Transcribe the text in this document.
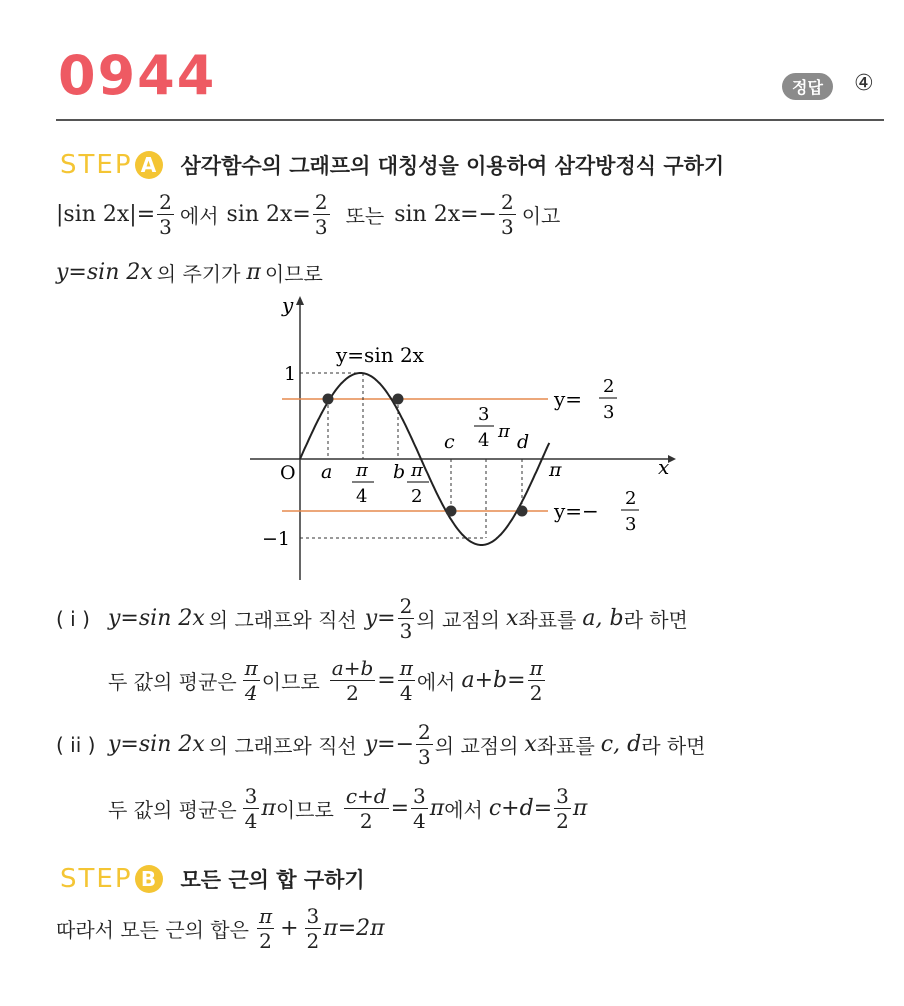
0944	정답	④
STEP A 삼각함수의 그래프의 대칭성을 이용하여 삼각방정식 구하기
|sin $2x|= \frac{2}{3}$ 에서 $\sin 2x= \frac{2}{3}$ 또는 $\sin 2x=- \frac{2}{3}$ 이고
y=sin 2x 의 주기가 π 이므로
y
x
O
y=sin 2x
1
−1
a	b
c	d
π
4
π
2
3
4 π
π
y=
2
3
y=−
2
3
( i ) y=sin 2x 의 그래프와 직선 $y= \frac{2}{3}$ 의 교점의 x 좌표를 a, b 라 하면
두 값의 평균은 $\frac{\pi}{4}$ 이므로 $\frac{a+b}{2} = \frac{\pi}{4}$ 에서 $a+b= \frac{\pi}{2}$
( ii ) y=sin 2x 의 그래프와 직선 $y=- \frac{2}{3}$ 의 교점의 x 좌표를 c, d 라 하면
두 값의 평균은 $\frac{3}{4}$ π 이므로 $\frac{c+d}{2} = \frac{3}{4}$ π 에서 $c+d= \frac{3}{2}$ π
STEP B	모든 근의 합 구하기
따라서 모든 근의 합은 $\frac{\pi}{2} + \frac{3}{2} \pi=2\pi$
